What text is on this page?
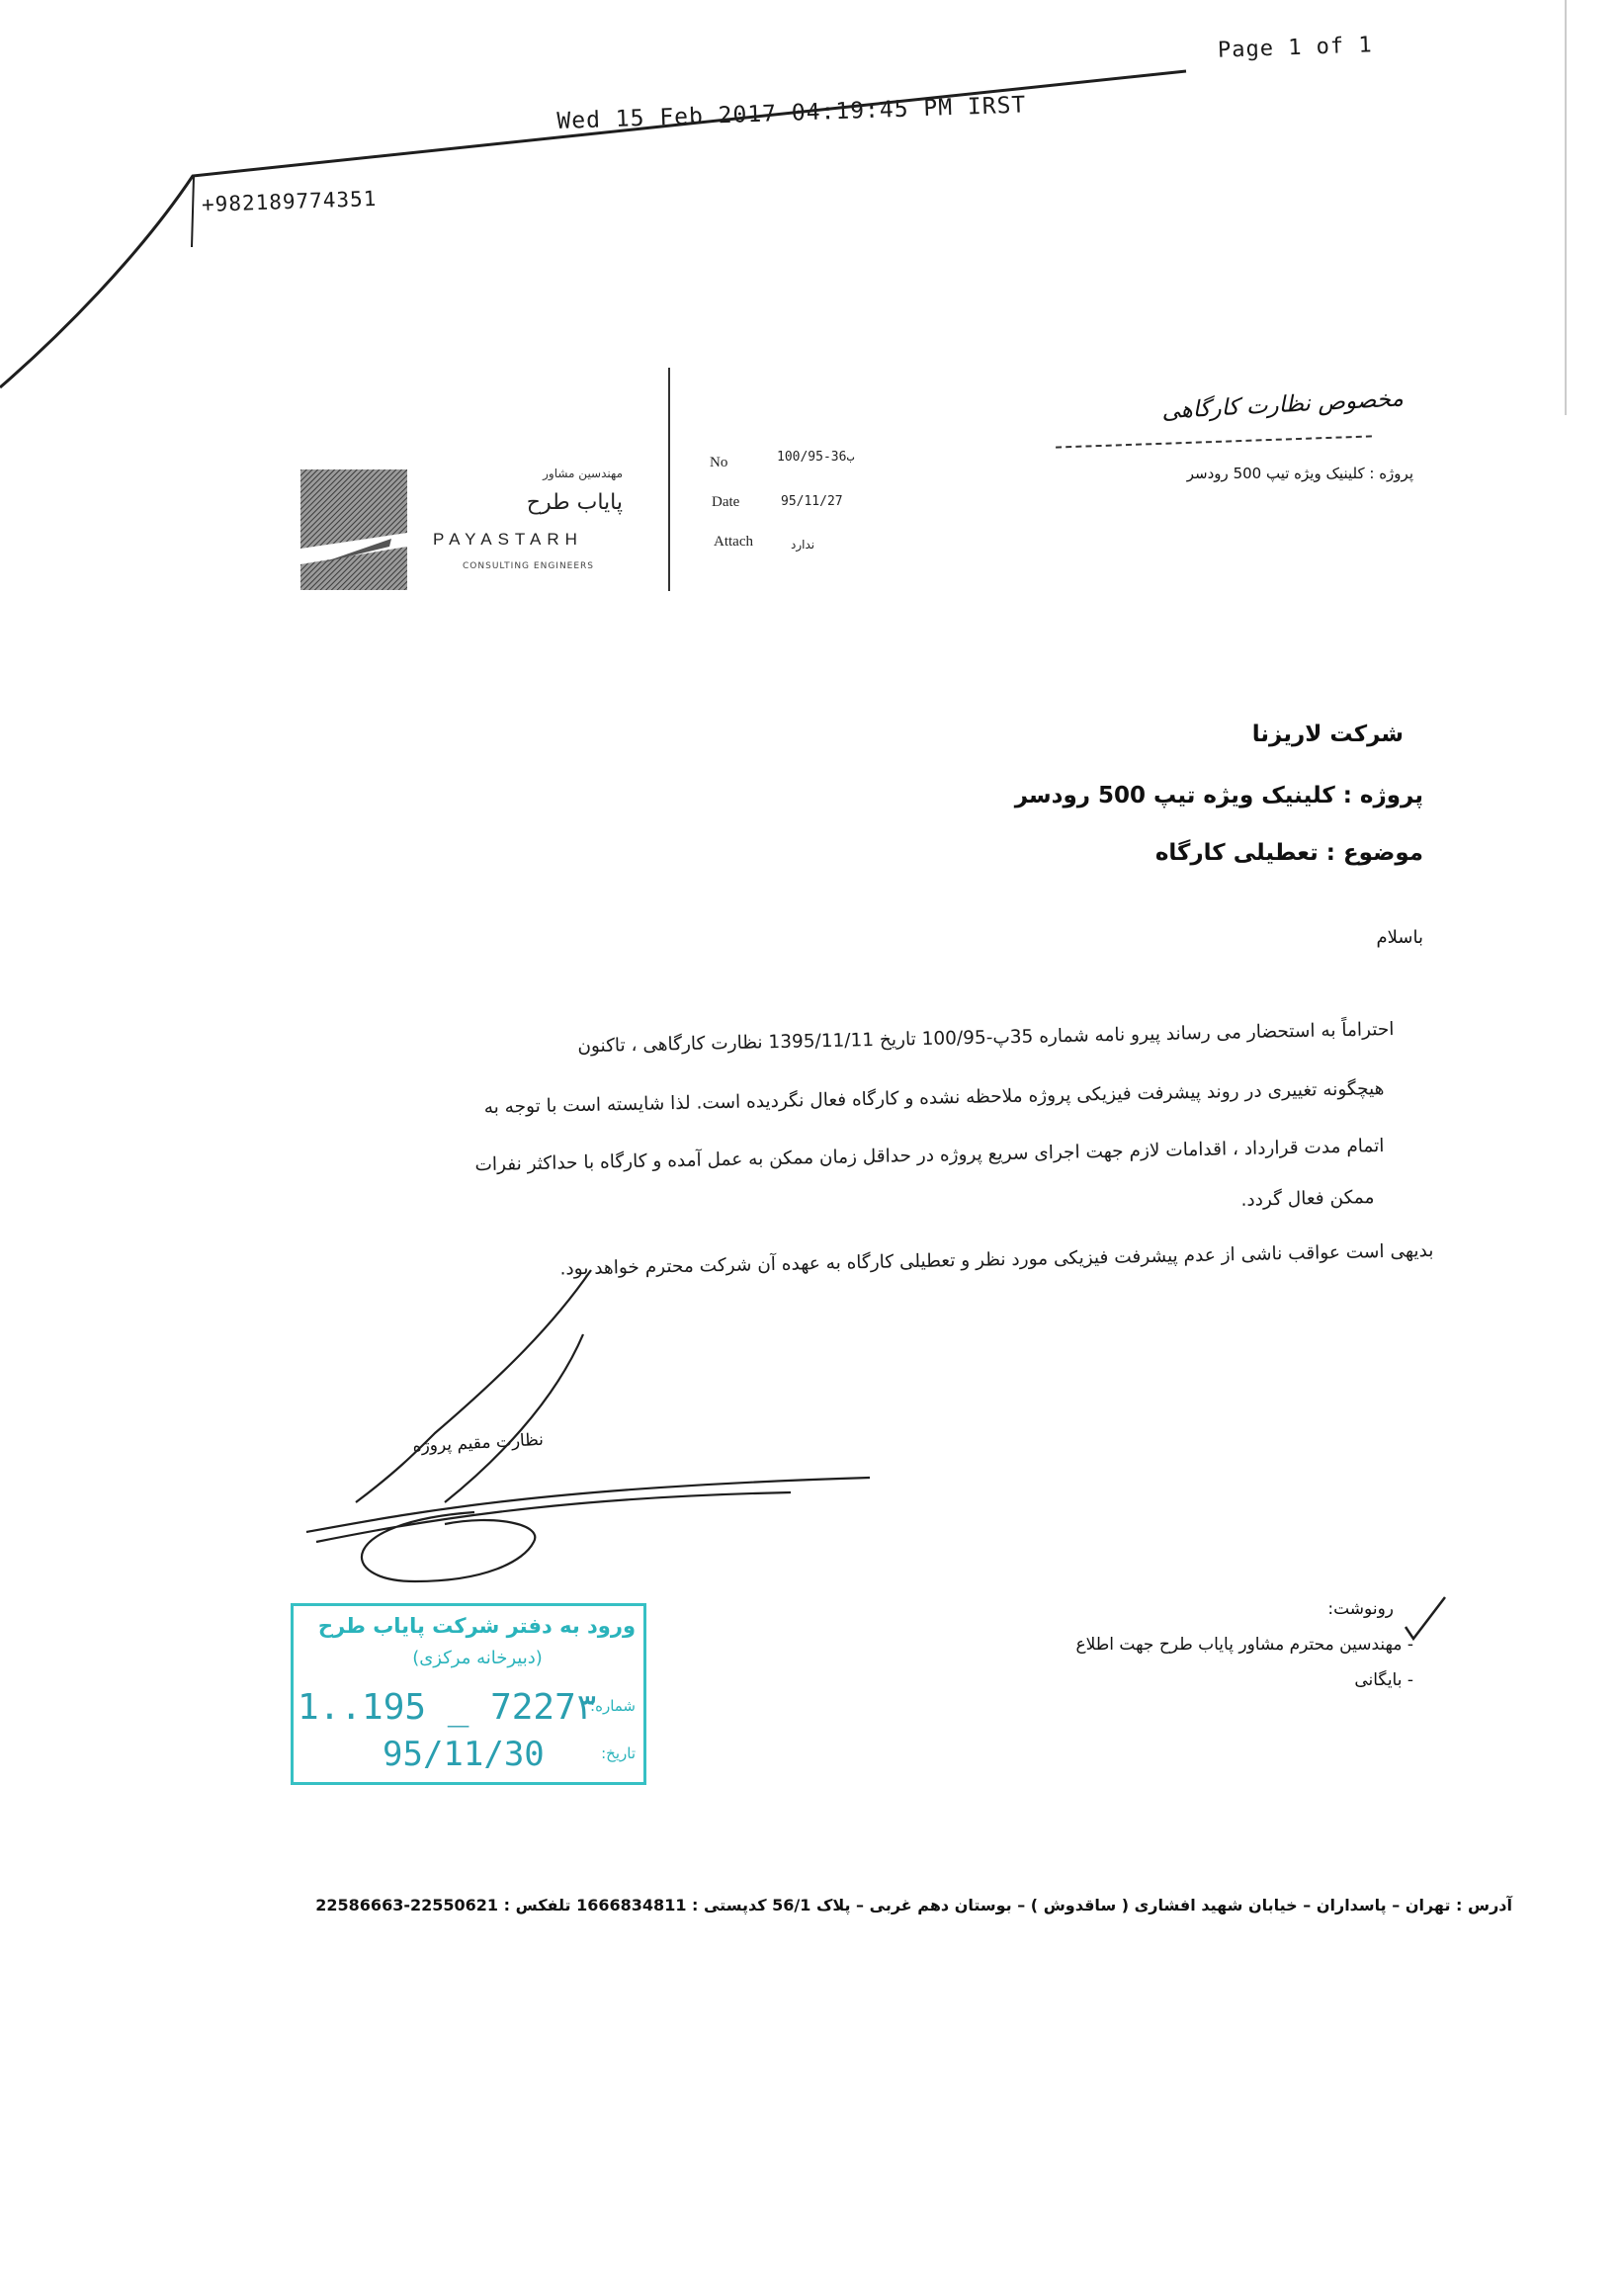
Page 1 of 1
Wed 15 Feb 2017 04:19:45 PM IRST
+982189774351
مهندسین مشاور
پایاب طرح
PAYASTARH
CONSULTING ENGINEERS
No	100/95-ب36
Date	95/11/27
Attach	ندارد
مخصوص نظارت کارگاهی
پروژه : کلینیک ویژه تیپ 500 رودسر
شرکت لاریزنا
پروژه : کلینیک ویژه تیپ 500 رودسر
موضوع : تعطیلی کارگاه
باسلام
احتراماً به استحضار می رساند پیرو نامه شماره 35پ-100/95 تاریخ 1395/11/11 نظارت کارگاهی ، تاکنون
هیچگونه تغییری در روند پیشرفت فیزیکی پروژه ملاحظه نشده و کارگاه فعال نگردیده است. لذا شایسته است با توجه به
اتمام مدت قرارداد ، اقدامات لازم جهت اجرای سریع پروژه در حداقل زمان ممکن به عمل آمده و کارگاه با حداکثر نفرات
ممکن فعال گردد.
بدیهی است عواقب ناشی از عدم پیشرفت فیزیکی مورد نظر و تعطیلی کارگاه به عهده آن شرکت محترم خواهد بود.
نظارت مقیم پروژه
رونوشت:
- مهندسین محترم مشاور پایاب طرح جهت اطلاع
- بایگانی
ورود به دفتر شرکت پایاب طرح
(دبیرخانه مرکزی)
شماره:
1..195 _ 7227۳
تاریخ:
95/11/30
آدرس : تهران – پاسداران – خیابان شهید افشاری ( ساقدوش ) – بوستان دهم غربی – پلاک 56/1 کدپستی : 1666834811 تلفکس : 22550621-22586663
